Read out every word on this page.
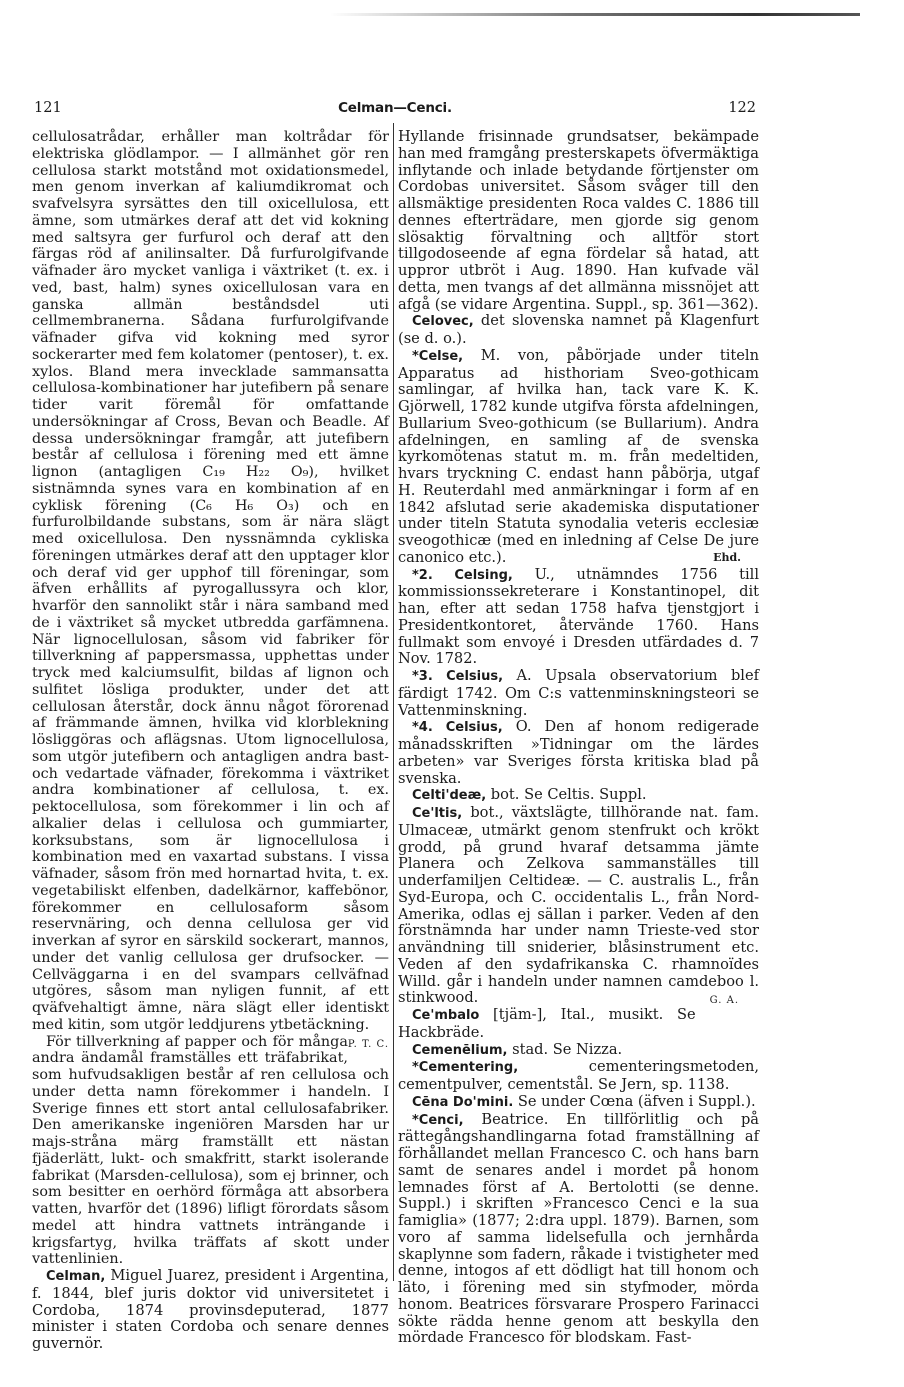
121	Celman—Cenci.	122

cellulosatrådar, erhåller man koltrådar för elektriska glödlampor. — I allmänhet gör ren cellulosa starkt motstånd mot oxidationsmedel, men genom inverkan af kaliumdikromat och svafvelsyra syrsättes den till oxicellulosa, ett ämne, som utmärkes deraf att det vid kokning med saltsyra ger furfurol och deraf att den färgas röd af anilinsalter. Då furfurolgifvande väfnader äro mycket vanliga i växtriket (t. ex. i ved, bast, halm) synes oxicellulosan vara en ganska allmän beståndsdel uti cellmembranerna. Sådana furfurolgifvande väfnader gifva vid kokning med syror sockerarter med fem kolatomer (pentoser), t. ex. xylos. Bland mera invecklade sammansatta cellulosa-kombinationer har jutefibern på senare tider varit föremål för omfattande undersökningar af Cross, Bevan och Beadle. Af dessa undersökningar framgår, att jutefibern består af cellulosa i förening med ett ämne lignon (antagligen C₁₉ H₂₂ O₉), hvilket sistnämnda synes vara en kombination af en cyklisk förening (C₆ H₆ O₃) och en furfurolbildande substans, som är nära slägt med oxicellulosa. Den nyssnämnda cykliska föreningen utmärkes deraf att den upptager klor och deraf vid ger upphof till föreningar, som äfven erhållits af pyrogallussyra och klor, hvarför den sannolikt står i nära samband med de i växtriket så mycket utbredda garfämnena. När lignocellulosan, såsom vid fabriker för tillverkning af pappersmassa, upphettas under tryck med kalciumsulfit, bildas af lignon och sulfitet lösliga produkter, under det att cellulosan återstår, dock ännu något förorenad af främmande ämnen, hvilka vid klorblekning lösliggöras och aflägsnas. Utom lignocellulosa, som utgör jutefibern och antagligen andra bast- och vedartade väfnader, förekomma i växtriket andra kombinationer af cellulosa, t. ex. pektocellulosa, som förekommer i lin och af alkalier delas i cellulosa och gummiarter, korksubstans, som är lignocellulosa i kombination med en vaxartad substans. I vissa väfnader, såsom frön med hornartad hvita, t. ex. vegetabiliskt elfenben, dadelkärnor, kaffebönor, förekommer en cellulosaform såsom reservnäring, och denna cellulosa ger vid inverkan af syror en särskild sockerart, mannos, under det vanlig cellulosa ger drufsocker. — Cellväggarna i en del svampars cellväfnad utgöres, såsom man nyligen funnit, af ett qväfvehaltigt ämne, nära slägt eller identiskt med kitin, som utgör leddjurens ytbetäckning.
P. T. C.

För tillverkning af papper och för många andra ändamål framställes ett träfabrikat, som hufvudsakligen består af ren cellulosa och under detta namn förekommer i handeln. I Sverige finnes ett stort antal cellulosafabriker. Den amerikanske ingeniören Marsden har ur majs-stråna märg framställt ett nästan fjäderlätt, lukt- och smakfritt, starkt isolerande fabrikat (Marsden-cellulosa), som ej brinner, och som besitter en oerhörd förmåga att absorbera vatten, hvarför det (1896) lifligt förordats såsom medel att hindra vattnets inträngande i krigsfartyg, hvilka träffats af skott under vattenlinien.

Celman, Miguel Juarez, president i Argentina, f. 1844, blef juris doktor vid universitetet i Cordoba, 1874 provinsdeputerad, 1877 minister i staten Cordoba och senare dennes guvernör.

Hyllande frisinnade grundsatser, bekämpade han med framgång presterskapets öfvermäktiga inflytande och inlade betydande förtjenster om Cordobas universitet. Såsom svåger till den allsmäktige presidenten Roca valdes C. 1886 till dennes efterträdare, men gjorde sig genom slösaktig förvaltning och alltför stort tillgodoseende af egna fördelar så hatad, att uppror utbröt i Aug. 1890. Han kufvade väl detta, men tvangs af det allmänna missnöjet att afgå (se vidare Argentina. Suppl., sp. 361—362).

Celovec, det slovenska namnet på Klagenfurt (se d. o.).

*Celse, M. von, påbörjade under titeln Apparatus ad histhoriam Sveo-gothicam samlingar, af hvilka han, tack vare K. K. Gjörwell, 1782 kunde utgifva första afdelningen, Bullarium Sveo-gothicum (se Bullarium). Andra afdelningen, en samling af de svenska kyrkomötenas statut m. m. från medeltiden, hvars tryckning C. endast hann påbörja, utgaf H. Reuterdahl med anmärkningar i form af en 1842 afslutad serie akademiska disputationer under titeln Statuta synodalia veteris ecclesiæ sveogothicæ (med en inledning af Celse De jure canonico etc.).	Ehd.

*2. Celsing, U., utnämndes 1756 till kommissionssekreterare i Konstantinopel, dit han, efter att sedan 1758 hafva tjenstgjort i Presidentkontoret, återvände 1760. Hans fullmakt som envoyé i Dresden utfärdades d. 7 Nov. 1782.

*3. Celsius, A. Upsala observatorium blef färdigt 1742. Om C:s vattenminskningsteori se Vattenminskning.

*4. Celsius, O. Den af honom redigerade månadsskriften »Tidningar om the lärdes arbeten» var Sveriges första kritiska blad på svenska.

Celti'deæ, bot. Se Celtis. Suppl.

Ce'ltis, bot., växtslägte, tillhörande nat. fam. Ulmaceæ, utmärkt genom stenfrukt och krökt grodd, på grund hvaraf detsamma jämte Planera och Zelkova sammanställes till underfamiljen Celtideæ. — C. australis L., från Syd-Europa, och C. occidentalis L., från Nord-Amerika, odlas ej sällan i parker. Veden af den förstnämnda har under namn Trieste-ved stor användning till sniderier, blåsinstrument etc. Veden af den sydafrikanska C. rhamnoïdes Willd. går i handeln under namnen camdeboo l. stinkwood.	G. A.

Ce'mbalo [tjäm-], Ital., musikt. Se Hackbräde.

Cemenēlium, stad. Se Nizza.

*Cementering,	cementeringsmetoden, cementpulver, cementstål. Se Jern, sp. 1138.

Cēna Do'mini. Se under Cœna (äfven i Suppl.).

*Cenci, Beatrice. En tillförlitlig och på rättegångshandlingarna fotad framställning af förhållandet mellan Francesco C. och hans barn samt de senares andel i mordet på honom lemnades först af A. Bertolotti (se denne. Suppl.) i skriften »Francesco Cenci e la sua famiglia» (1877; 2:dra uppl. 1879). Barnen, som voro af samma lidelsefulla och jernhårda skaplynne som fadern, råkade i tvistigheter med denne, intogos af ett dödligt hat till honom och läto, i förening med sin styfmoder, mörda honom. Beatrices försvarare Prospero Farinacci sökte rädda henne genom att beskylla den mördade Francesco för blodskam. Fast-
